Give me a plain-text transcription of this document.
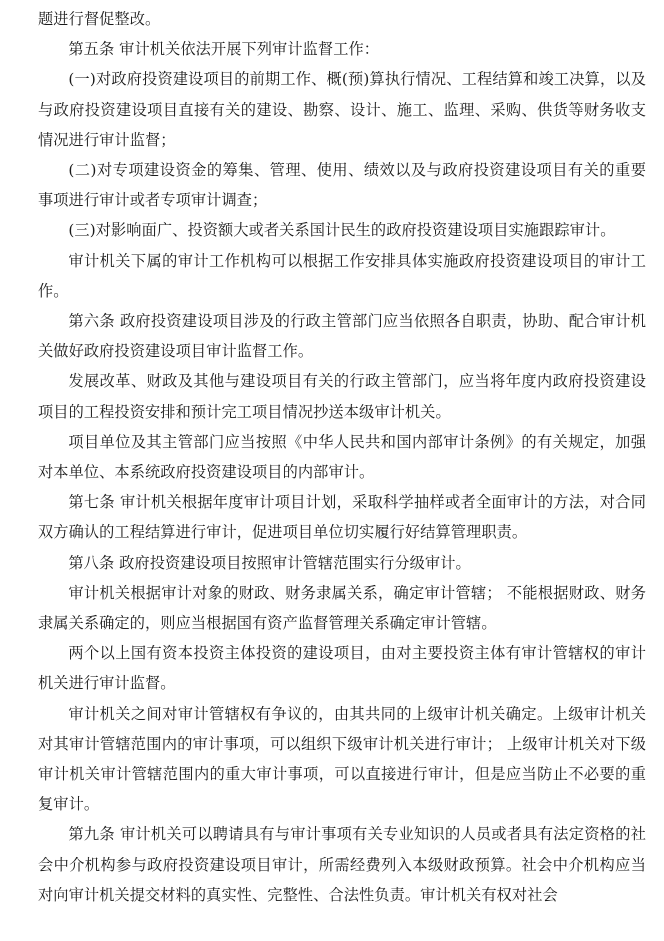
题进行督促整改。

第五条 审计机关依法开展下列审计监督工作：

(一)对政府投资建设项目的前期工作、概(预)算执行情况、工程结算和竣工决算，以及与政府投资建设项目直接有关的建设、勘察、设计、施工、监理、采购、供货等财务收支情况进行审计监督；

(二)对专项建设资金的筹集、管理、使用、绩效以及与政府投资建设项目有关的重要事项进行审计或者专项审计调查；

(三)对影响面广、投资额大或者关系国计民生的政府投资建设项目实施跟踪审计。

审计机关下属的审计工作机构可以根据工作安排具体实施政府投资建设项目的审计工作。

第六条 政府投资建设项目涉及的行政主管部门应当依照各自职责，协助、配合审计机关做好政府投资建设项目审计监督工作。

发展改革、财政及其他与建设项目有关的行政主管部门，应当将年度内政府投资建设项目的工程投资安排和预计完工项目情况抄送本级审计机关。

项目单位及其主管部门应当按照《中华人民共和国内部审计条例》的有关规定，加强对本单位、本系统政府投资建设项目的内部审计。

第七条 审计机关根据年度审计项目计划，采取科学抽样或者全面审计的方法，对合同双方确认的工程结算进行审计，促进项目单位切实履行好结算管理职责。

第八条 政府投资建设项目按照审计管辖范围实行分级审计。

审计机关根据审计对象的财政、财务隶属关系，确定审计管辖； 不能根据财政、财务隶属关系确定的，则应当根据国有资产监督管理关系确定审计管辖。

两个以上国有资本投资主体投资的建设项目，由对主要投资主体有审计管辖权的审计机关进行审计监督。

审计机关之间对审计管辖权有争议的，由其共同的上级审计机关确定。上级审计机关对其审计管辖范围内的审计事项，可以组织下级审计机关进行审计； 上级审计机关对下级审计机关审计管辖范围内的重大审计事项，可以直接进行审计，但是应当防止不必要的重复审计。

第九条 审计机关可以聘请具有与审计事项有关专业知识的人员或者具有法定资格的社会中介机构参与政府投资建设项目审计，所需经费列入本级财政预算。社会中介机构应当对向审计机关提交材料的真实性、完整性、合法性负责。审计机关有权对社会
